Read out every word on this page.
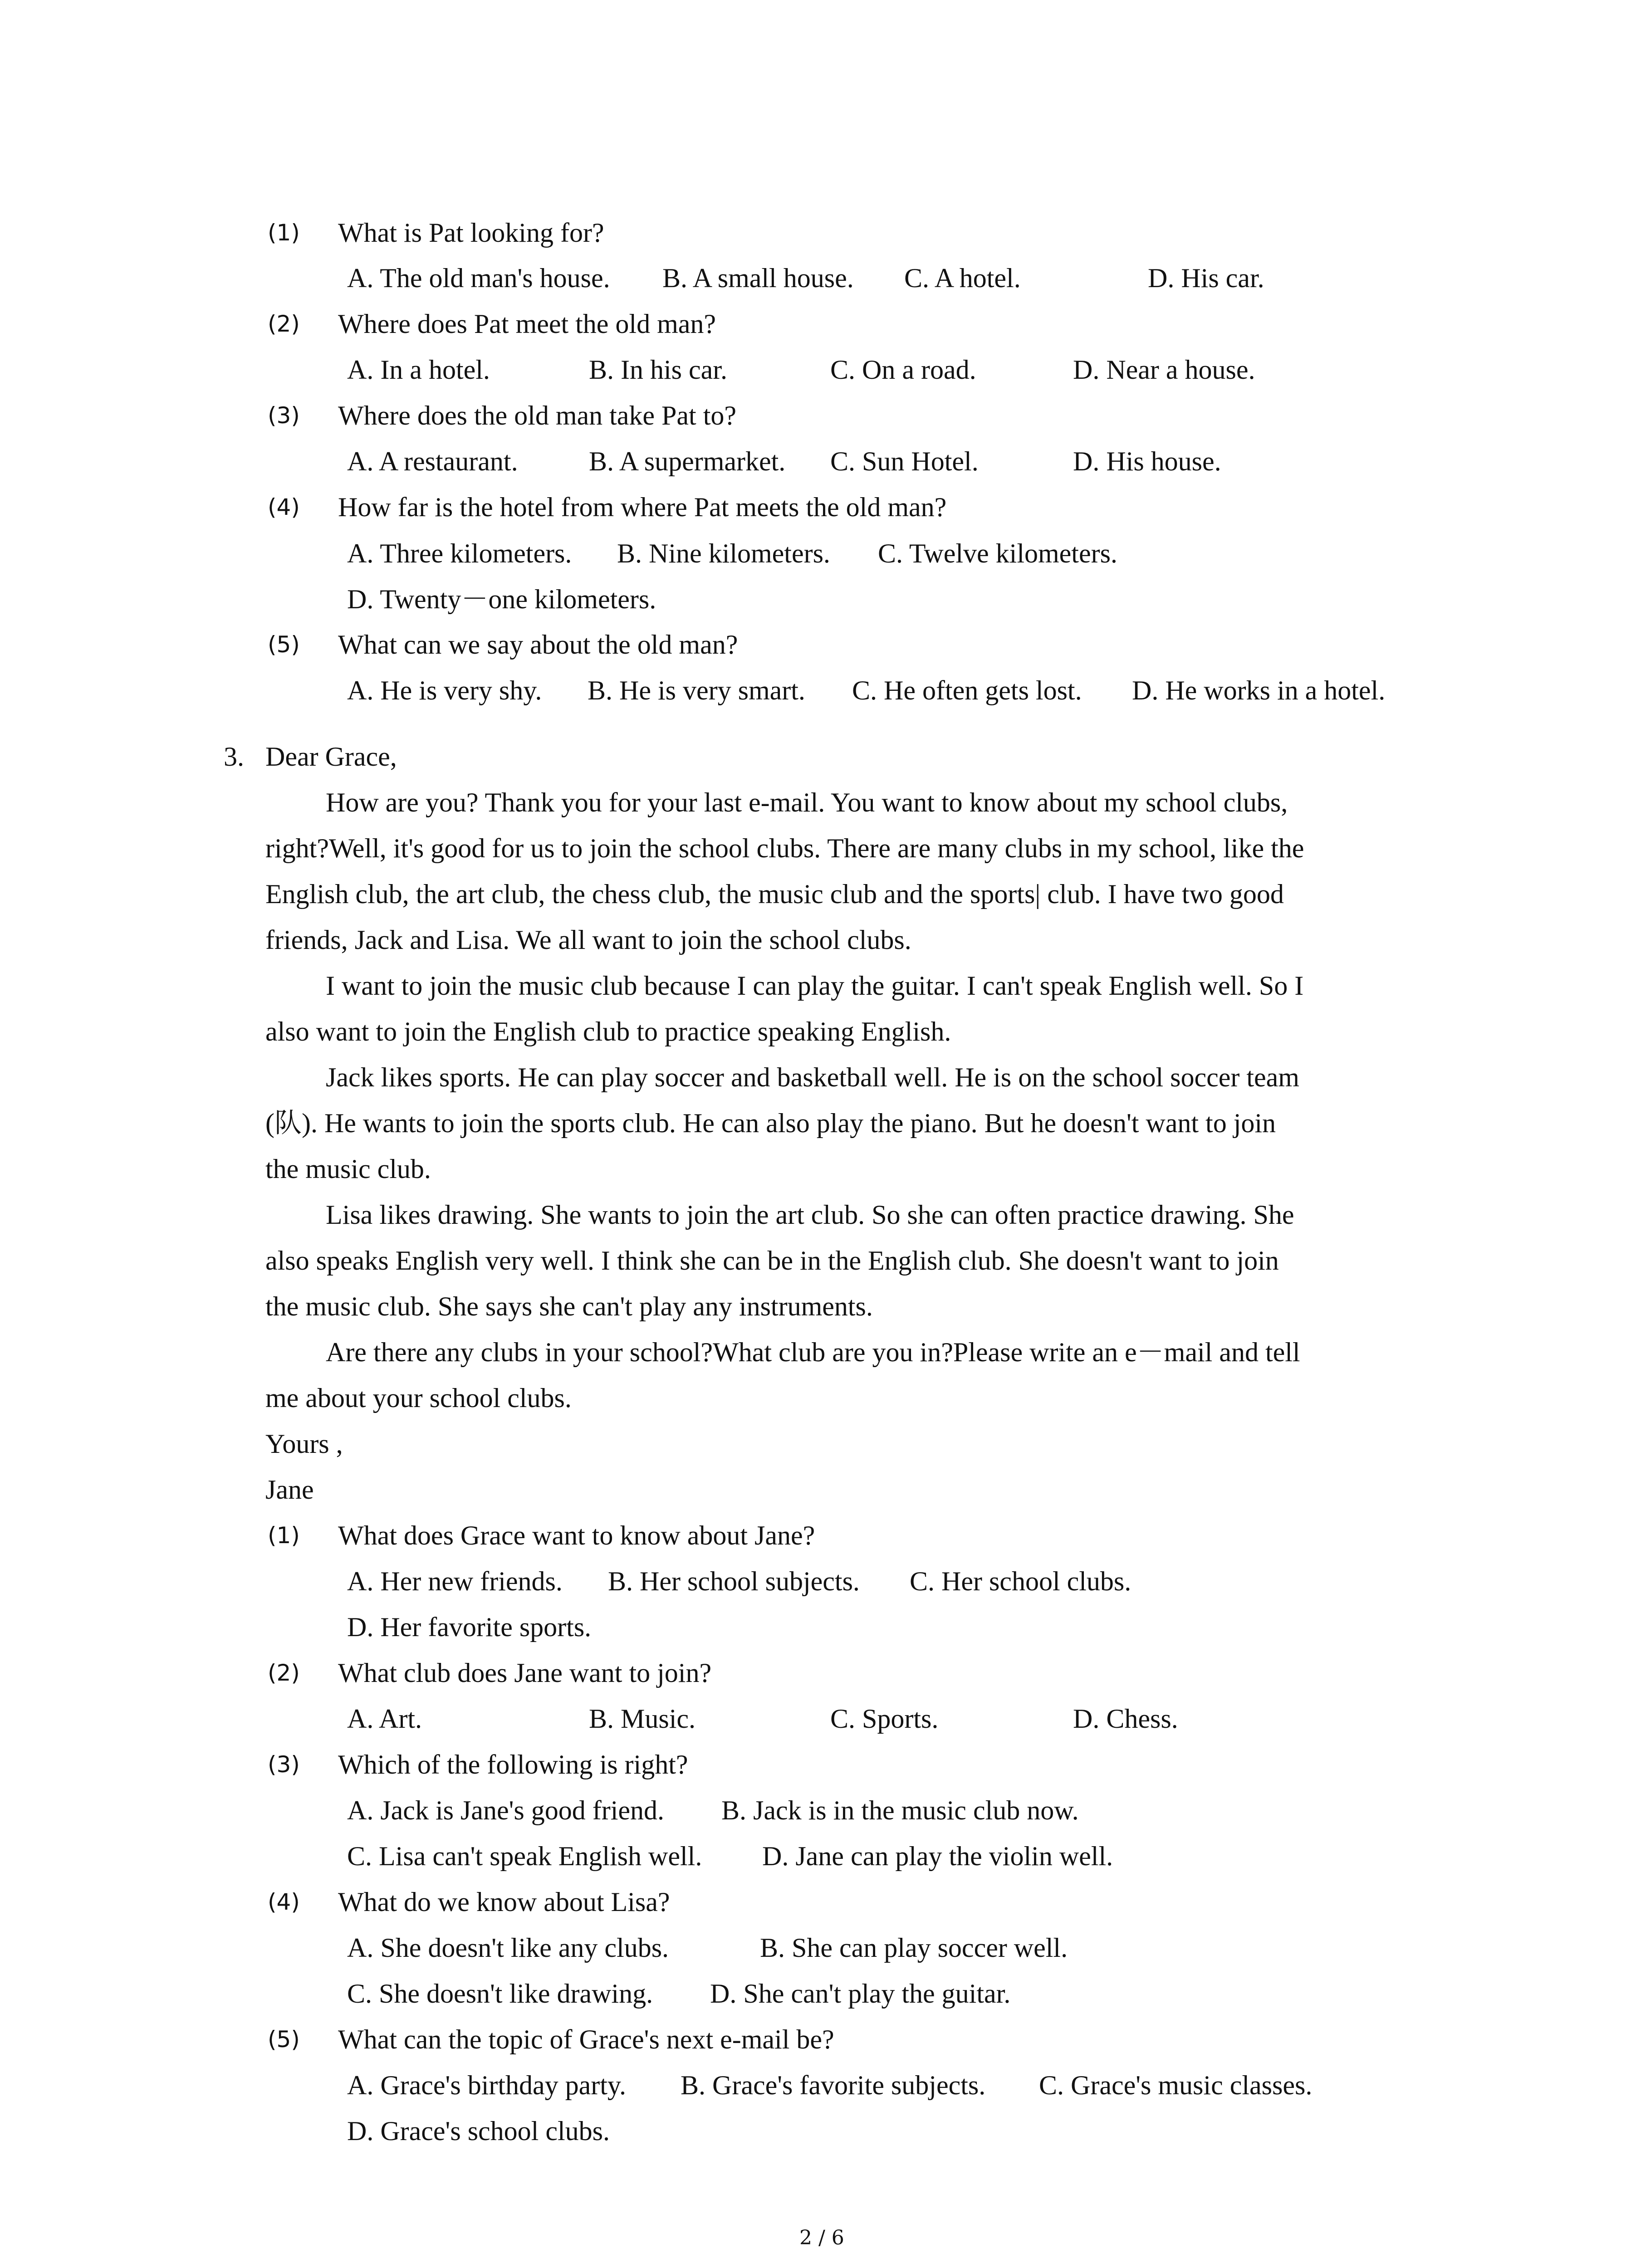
(1) What is Pat looking for?
A. The old man's house. B. A small house. C. A hotel.	D. His car.
(2) Where does Pat meet the old man?
A. In a hotel.	B. In his car.	C. On a road.	D. Near a house.
(3) Where does the old man take Pat to?
A. A restaurant.	B. A supermarket. C. Sun Hotel.	D. His house.
(4) How far is the hotel from where Pat meets the old man?
A. Three kilometers. B. Nine kilometers. C. Twelve kilometers.
D. Twenty－one kilometers.
(5) What can we say about the old man?
A. He is very shy. B. He is very smart. C. He often gets lost. D. He works in a hotel.
3. Dear Grace,
How are you? Thank you for your last e-mail. You want to know about my school clubs,
right?Well, it's good for us to join the school clubs. There are many clubs in my school, like the
English club, the art club, the chess club, the music club and the sports| club. I have two good
friends, Jack and Lisa. We all want to join the school clubs.
I want to join the music club because I can play the guitar. I can't speak English well. So I
also want to join the English club to practice speaking English.
Jack likes sports. He can play soccer and basketball well. He is on the school soccer team
(队). He wants to join the sports club. He can also play the piano. But he doesn't want to join
the music club.
Lisa likes drawing. She wants to join the art club. So she can often practice drawing. She
also speaks English very well. I think she can be in the English club. She doesn't want to join
the music club. She says she can't play any instruments.
Are there any clubs in your school?What club are you in?Please write an e－mail and tell
me about your school clubs.
Yours ,
Jane
(1) What does Grace want to know about Jane?
A. Her new friends. B. Her school subjects. C. Her school clubs.
D. Her favorite sports.
(2) What club does Jane want to join?
A. Art.	B. Music.	C. Sports.	D. Chess.
(3) Which of the following is right?
A. Jack is Jane's good friend. B. Jack is in the music club now.
C. Lisa can't speak English well. D. Jane can play the violin well.
(4) What do we know about Lisa?
A. She doesn't like any clubs.	B. She can play soccer well.
C. She doesn't like drawing. D. She can't play the guitar.
(5) What can the topic of Grace's next e-mail be?
A. Grace's birthday party. B. Grace's favorite subjects. C. Grace's music classes.
D. Grace's school clubs.
2 / 6
